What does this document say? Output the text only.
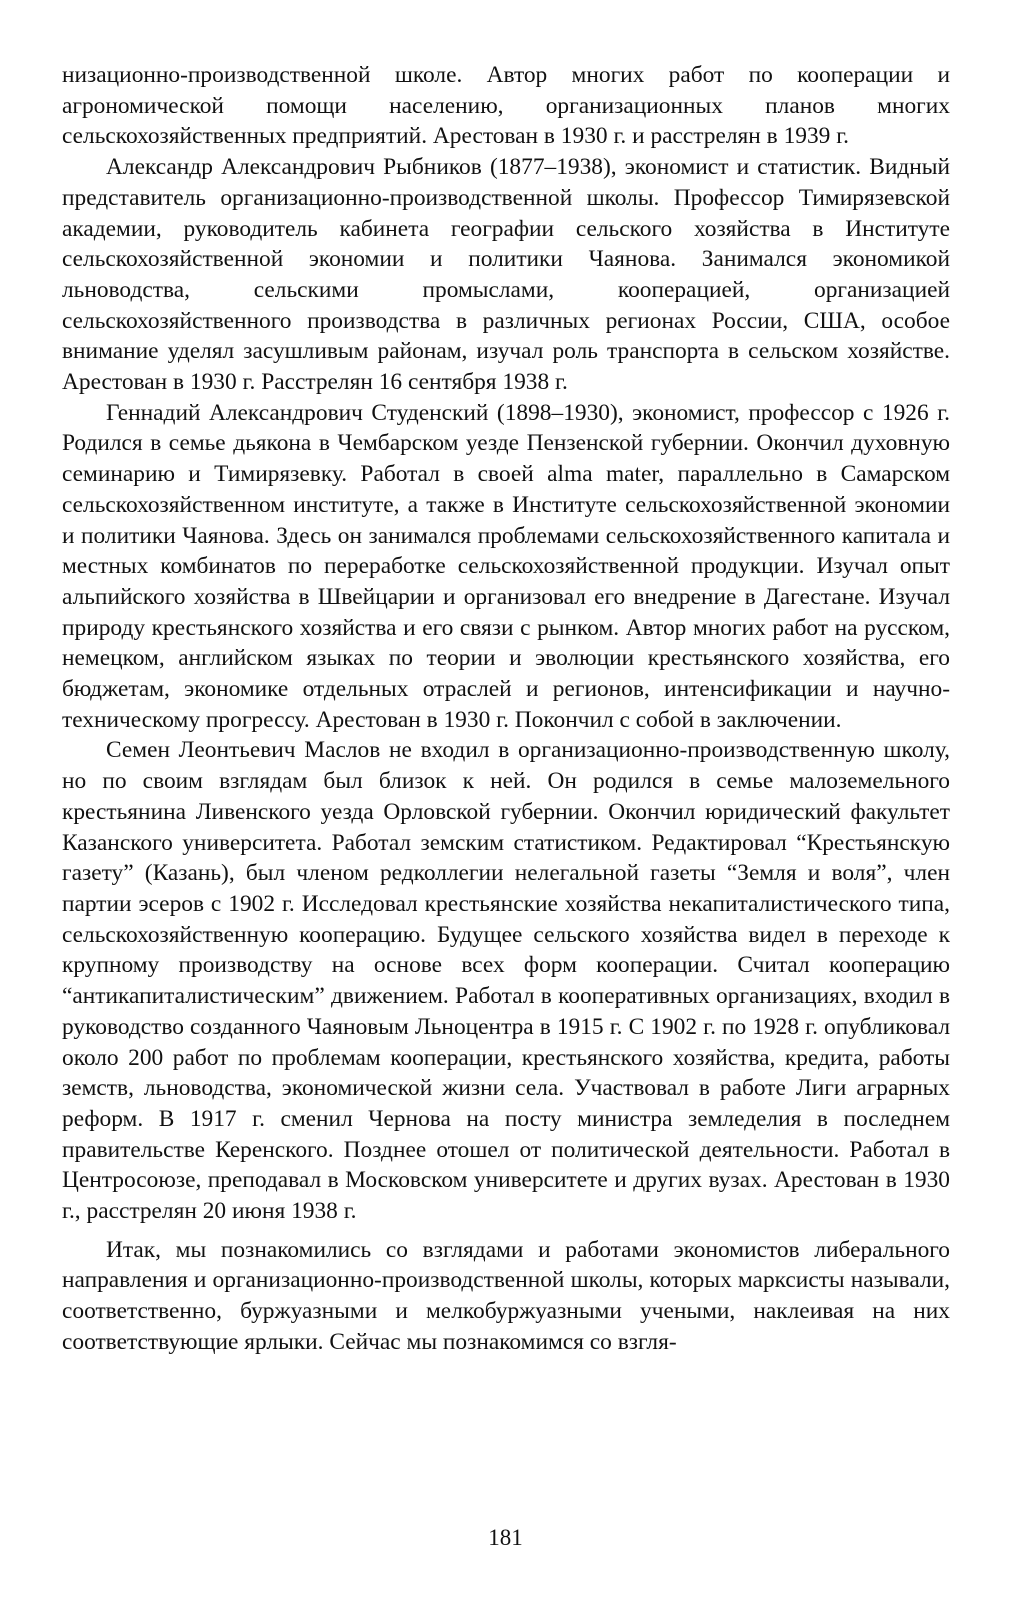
низационно-производственной школе. Автор многих работ по кооперации и агрономической помощи населению, организационных планов многих сельскохозяйственных предприятий. Арестован в 1930 г. и расстрелян в 1939 г.

Александр Александрович Рыбников (1877–1938), экономист и статистик. Видный представитель организационно-производственной школы. Профессор Тимирязевской академии, руководитель кабинета географии сельского хозяйства в Институте сельскохозяйственной экономии и политики Чаянова. Занимался экономикой льноводства, сельскими промыслами, кооперацией, организацией сельскохозяйственного производства в различных регионах России, США, особое внимание уделял засушливым районам, изучал роль транспорта в сельском хозяйстве. Арестован в 1930 г. Расстрелян 16 сентября 1938 г.

Геннадий Александрович Студенский (1898–1930), экономист, профессор с 1926 г. Родился в семье дьякона в Чембарском уезде Пензенской губернии. Окончил духовную семинарию и Тимирязевку. Работал в своей alma mater, параллельно в Самарском сельскохозяйственном институте, а также в Институте сельскохозяйственной экономии и политики Чаянова. Здесь он занимался проблемами сельскохозяйственного капитала и местных комбинатов по переработке сельскохозяйственной продукции. Изучал опыт альпийского хозяйства в Швейцарии и организовал его внедрение в Дагестане. Изучал природу крестьянского хозяйства и его связи с рынком. Автор многих работ на русском, немецком, английском языках по теории и эволюции крестьянского хозяйства, его бюджетам, экономике отдельных отраслей и регионов, интенсификации и научно-техническому прогрессу. Арестован в 1930 г. Покончил с собой в заключении.

Семен Леонтьевич Маслов не входил в организационно-производственную школу, но по своим взглядам был близок к ней. Он родился в семье малоземельного крестьянина Ливенского уезда Орловской губернии. Окончил юридический факультет Казанского университета. Работал земским статистиком. Редактировал “Крестьянскую газету” (Казань), был членом редколлегии нелегальной газеты “Земля и воля”, член партии эсеров с 1902 г. Исследовал крестьянские хозяйства некапиталистического типа, сельскохозяйственную кооперацию. Будущее сельского хозяйства видел в переходе к крупному производству на основе всех форм кооперации. Считал кооперацию “антикапиталистическим” движением. Работал в кооперативных организациях, входил в руководство созданного Чаяновым Льноцентра в 1915 г. С 1902 г. по 1928 г. опубликовал около 200 работ по проблемам кооперации, крестьянского хозяйства, кредита, работы земств, льноводства, экономической жизни села. Участвовал в работе Лиги аграрных реформ. В 1917 г. сменил Чернова на посту министра земледелия в последнем правительстве Керенского. Позднее отошел от политической деятельности. Работал в Центросоюзе, преподавал в Московском университете и других вузах. Арестован в 1930 г., расстрелян 20 июня 1938 г.

Итак, мы познакомились со взглядами и работами экономистов либерального направления и организационно-производственной школы, которых марксисты называли, соответственно, буржуазными и мелкобуржуазными учеными, наклеивая на них соответствующие ярлыки. Сейчас мы познакомимся со взгля-

181
